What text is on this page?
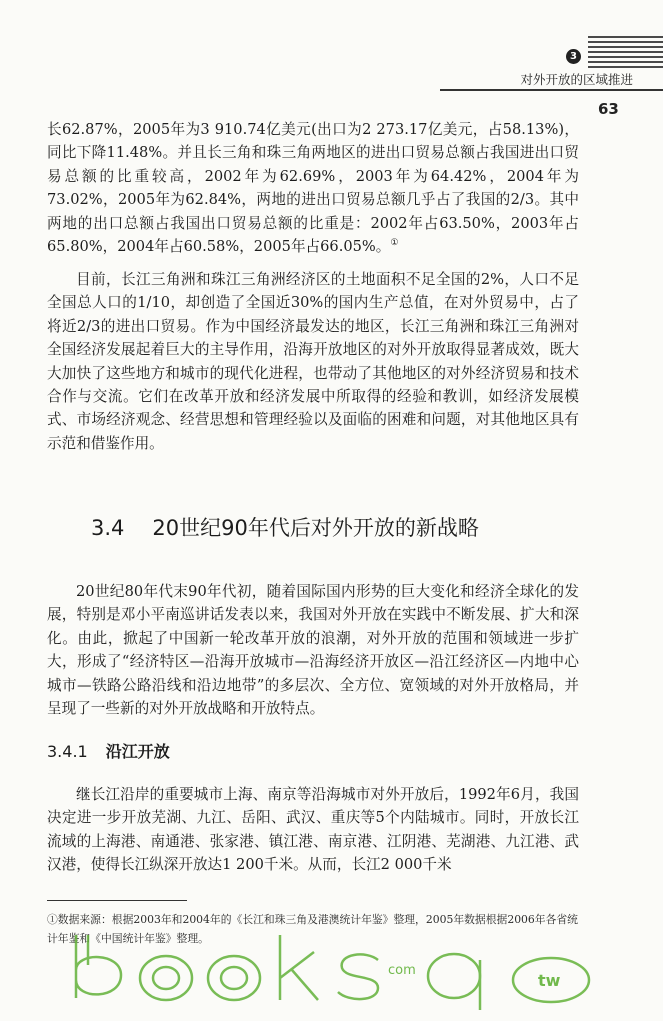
3
对外开放的区域推进
63

长62.87%，2005年为3 910.74亿美元(出口为2 273.17亿美元，占58.13%)，同比下降11.48%。并且长三角和珠三角两地区的进出口贸易总额占我国进出口贸易总额的比重较高，2002年为62.69%，2003年为64.42%，2004年为73.02%，2005年为62.84%，两地的进出口贸易总额几乎占了我国的2/3。其中两地的出口总额占我国出口贸易总额的比重是：2002年占63.50%，2003年占65.80%，2004年占60.58%，2005年占66.05%。①

目前，长江三角洲和珠江三角洲经济区的土地面积不足全国的2%，人口不足全国总人口的1/10，却创造了全国近30%的国内生产总值，在对外贸易中，占了将近2/3的进出口贸易。作为中国经济最发达的地区，长江三角洲和珠江三角洲对全国经济发展起着巨大的主导作用，沿海开放地区的对外开放取得显著成效，既大大加快了这些地方和城市的现代化进程，也带动了其他地区的对外经济贸易和技术合作与交流。它们在改革开放和经济发展中所取得的经验和教训，如经济发展模式、市场经济观念、经营思想和管理经验以及面临的困难和问题，对其他地区具有示范和借鉴作用。

3.4 20世纪90年代后对外开放的新战略

20世纪80年代末90年代初，随着国际国内形势的巨大变化和经济全球化的发展，特别是邓小平南巡讲话发表以来，我国对外开放在实践中不断发展、扩大和深化。由此，掀起了中国新一轮改革开放的浪潮，对外开放的范围和领域进一步扩大，形成了“经济特区—沿海开放城市—沿海经济开放区—沿江经济区—内地中心城市—铁路公路沿线和沿边地带”的多层次、全方位、宽领域的对外开放格局，并呈现了一些新的对外开放战略和开放特点。

3.4.1 沿江开放

继长江沿岸的重要城市上海、南京等沿海城市对外开放后，1992年6月，我国决定进一步开放芜湖、九江、岳阳、武汉、重庆等5个内陆城市。同时，开放长江流域的上海港、南通港、张家港、镇江港、南京港、江阴港、芜湖港、九江港、武汉港，使得长江纵深开放达1 200千米。从而，长江2 000千米

①数据来源：根据2003年和2004年的《长江和珠三角及港澳统计年鉴》整理，2005年数据根据2006年各省统计年鉴和《中国统计年鉴》整理。
com
tw
